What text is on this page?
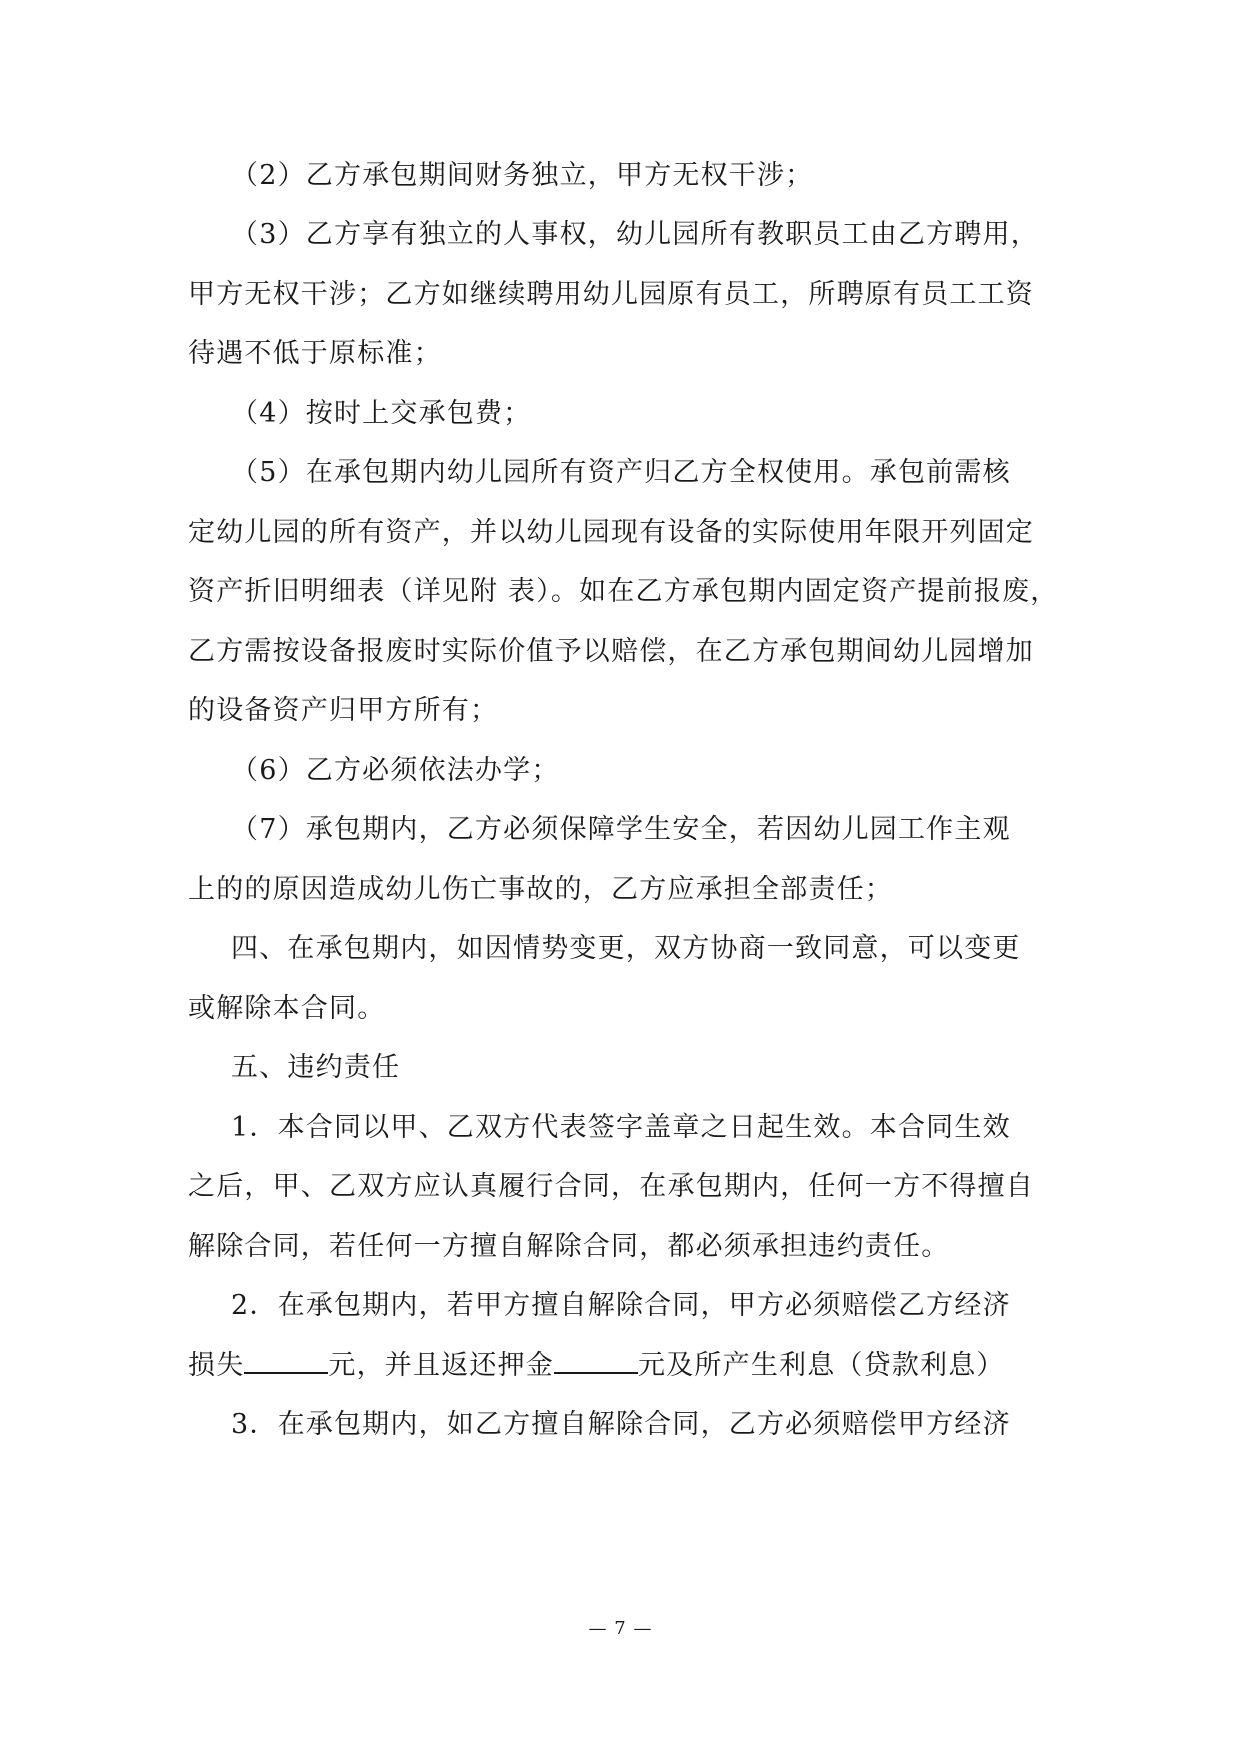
（2）乙方承包期间财务独立，甲方无权干涉；
（3）乙方享有独立的人事权，幼儿园所有教职员工由乙方聘用，
甲方无权干涉；乙方如继续聘用幼儿园原有员工，所聘原有员工工资
待遇不低于原标准；
（4）按时上交承包费；
（5）在承包期内幼儿园所有资产归乙方全权使用。承包前需核
定幼儿园的所有资产，并以幼儿园现有设备的实际使用年限开列固定
资产折旧明细表（详见附 表）。如在乙方承包期内固定资产提前报废，
乙方需按设备报废时实际价值予以赔偿，在乙方承包期间幼儿园增加
的设备资产归甲方所有；
（6）乙方必须依法办学；
（7）承包期内，乙方必须保障学生安全，若因幼儿园工作主观
上的的原因造成幼儿伤亡事故的，乙方应承担全部责任；
四、在承包期内，如因情势变更，双方协商一致同意，可以变更
或解除本合同。
五、违约责任
1．本合同以甲、乙双方代表签字盖章之日起生效。本合同生效
之后，甲、乙双方应认真履行合同，在承包期内，任何一方不得擅自
解除合同，若任何一方擅自解除合同，都必须承担违约责任。
2．在承包期内，若甲方擅自解除合同，甲方必须赔偿乙方经济
损失	元，并且返还押金	元及所产生利息（贷款利息）
3．在承包期内，如乙方擅自解除合同，乙方必须赔偿甲方经济
— 7 —
